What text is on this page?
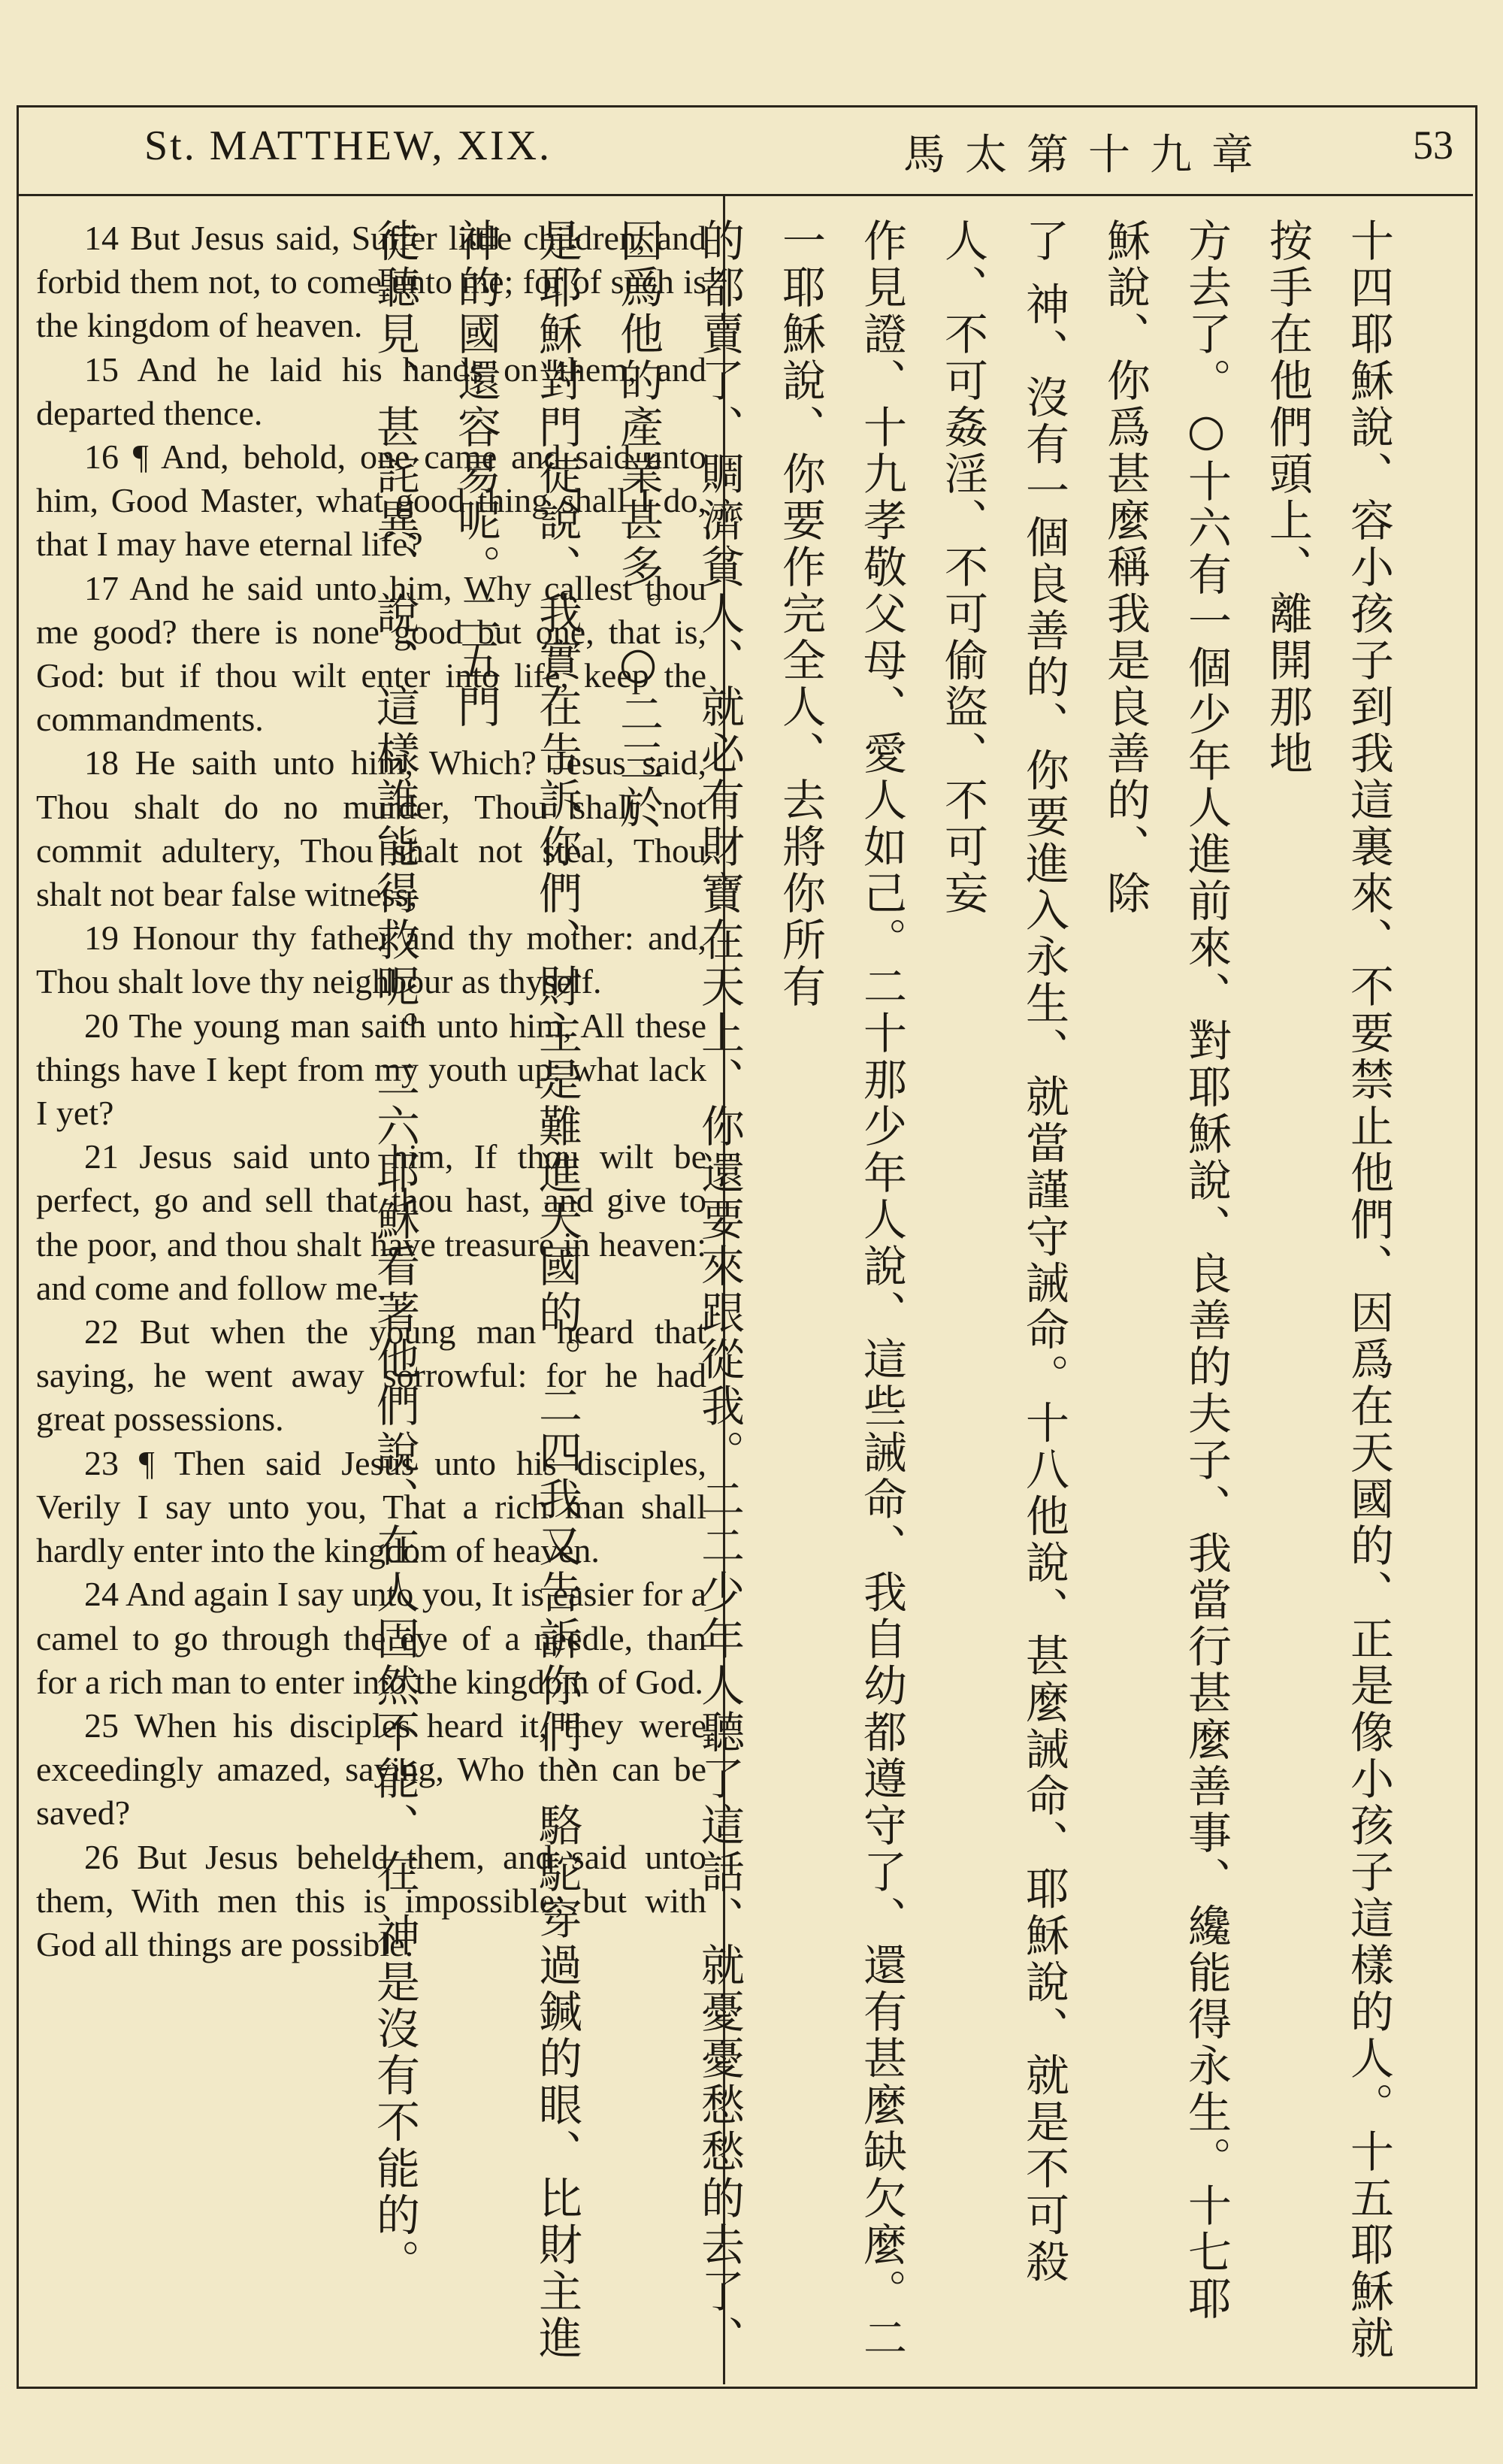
St. MATTHEW, XIX.	馬太第十九章	53

14 But Jesus said, Suffer little children, and forbid them not, to come unto me; for of such is the kingdom of heaven.

15 And he laid his hands on them, and departed thence.

16 ¶ And, behold, one came and said unto him, Good Master, what good thing shall I do, that I may have eternal life?

17 And he said unto him, Why callest thou me good? there is none good but one, that is, God: but if thou wilt enter into life, keep the commandments.

18 He saith unto him, Which? Jesus said, Thou shalt do no murder, Thou shalt not commit adultery, Thou shalt not steal, Thou shalt not bear false witness,

19 Honour thy father and thy mother: and, Thou shalt love thy neighbour as thyself.

20 The young man saith unto him, All these things have I kept from my youth up: what lack I yet?

21 Jesus said unto him, If thou wilt be perfect, go and sell that thou hast, and give to the poor, and thou shalt have treasure in heaven: and come and follow me.

22 But when the young man heard that saying, he went away sorrowful: for he had great possessions.

23 ¶ Then said Jesus unto his disciples, Verily I say unto you, That a rich man shall hardly enter into the kingdom of heaven.

24 And again I say unto you, It is easier for a camel to go through the eye of a needle, than for a rich man to enter into the kingdom of God.

25 When his disciples heard it, they were exceedingly amazed, saying, Who then can be saved?

26 But Jesus beheld them, and said unto them, With men this is impossible; but with God all things are possible.	十四耶穌說、容小孩子到我這裏來、不要禁止他們、因爲在天國的、正是像小孩子這樣的人。十五耶穌就按手在他們頭上、離開那地
方去了。○十六有一個少年人進前來、對耶穌說、良善的夫子、我當行甚麼善事、纔能得永生。十七耶穌說、你爲甚麼稱我是良善的、除
了 神、沒有一個良善的、你要進入永生、就當謹守誡命。十八他說、甚麼誡命、耶穌說、就是不可殺人、不可姦淫、不可偷盜、不可妄
作見證、十九孝敬父母、愛人如己。二十那少年人說、這些誡命、我自幼都遵守了、還有甚麼缺欠麼。二一耶穌說、你要作完全人、去將你所有
的都賣了、賙濟貧人、就必有財寶在天上、你還要來跟從我。二二少年人聽了這話、就憂憂愁愁的去了、因爲他的產業甚多。○二三於
是耶穌對門徒說、我實在告訴你們、財主是難進天國的。二四我又告訴你們、駱駝穿過鍼的眼、比財主進 神的國還容易呢。二五門
徒聽見、甚詫異、說、這樣誰能得救呢。二六耶穌看著他們說、在人固然不能、在 神是沒有不能的。
